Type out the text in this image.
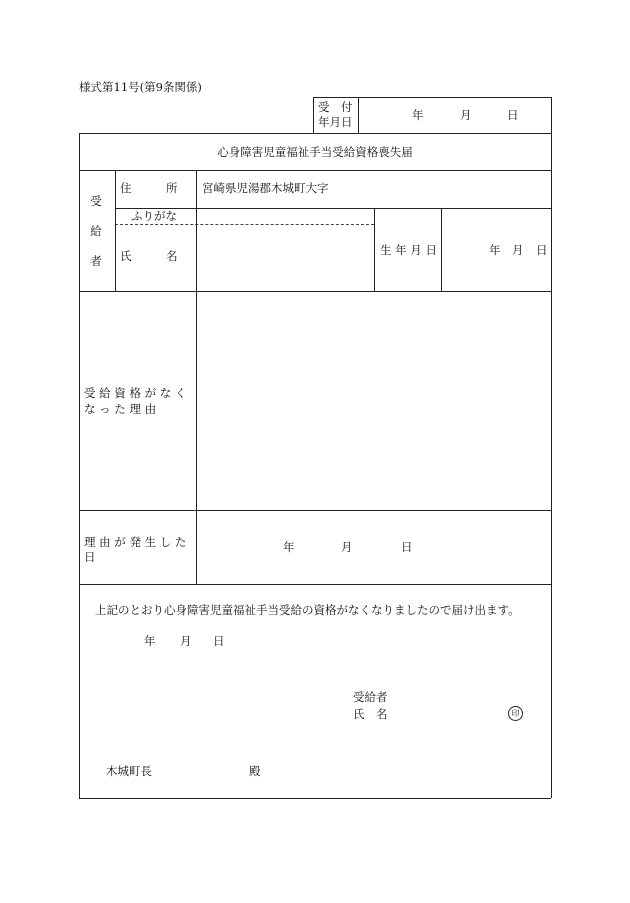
様式第11号(第9条関係)
受　付
年月日	年	月	日
心身障害児童福祉手当受給資格喪失届
受
給
者
住　　　所 宮崎県児湯郡木城町大字
ふりがな
氏　　　名	生 年 月 日	年 月 日
受 給 資 格 が な く
な っ た 理 由
理 由 が 発 生 し た
日
年	月	日
上記のとおり心身障害児童福祉手当受給の資格がなくなりましたので届け出ます。
年 月 日
受給者
氏　名	印
木城町長	殿
